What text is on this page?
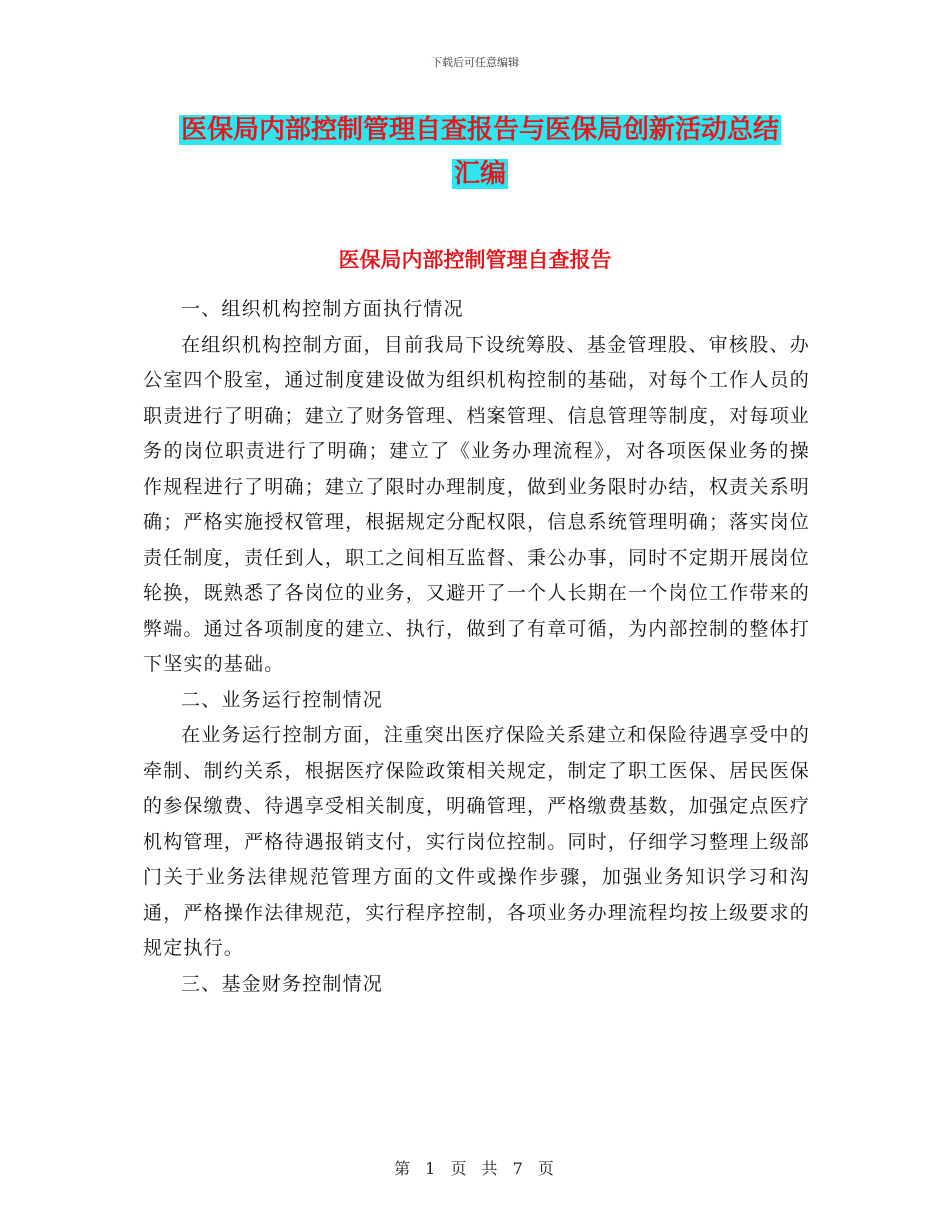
下载后可任意编辑
医保局内部控制管理自查报告与医保局创新活动总结
汇编
医保局内部控制管理自查报告

一、组织机构控制方面执行情况

在组织机构控制方面，目前我局下设统筹股、基金管理股、审核股、办公室四个股室，通过制度建设做为组织机构控制的基础，对每个工作人员的职责进行了明确；建立了财务管理、档案管理、信息管理等制度，对每项业务的岗位职责进行了明确；建立了《业务办理流程》，对各项医保业务的操作规程进行了明确；建立了限时办理制度，做到业务限时办结，权责关系明确；严格实施授权管理，根据规定分配权限，信息系统管理明确；落实岗位责任制度，责任到人，职工之间相互监督、秉公办事，同时不定期开展岗位轮换，既熟悉了各岗位的业务，又避开了一个人长期在一个岗位工作带来的弊端。通过各项制度的建立、执行，做到了有章可循，为内部控制的整体打下坚实的基础。

二、业务运行控制情况

在业务运行控制方面，注重突出医疗保险关系建立和保险待遇享受中的牵制、制约关系，根据医疗保险政策相关规定，制定了职工医保、居民医保的参保缴费、待遇享受相关制度，明确管理，严格缴费基数，加强定点医疗机构管理，严格待遇报销支付，实行岗位控制。同时，仔细学习整理上级部门关于业务法律规范管理方面的文件或操作步骤，加强业务知识学习和沟通，严格操作法律规范，实行程序控制，各项业务办理流程均按上级要求的规定执行。

三、基金财务控制情况

第 1 页 共 7 页
